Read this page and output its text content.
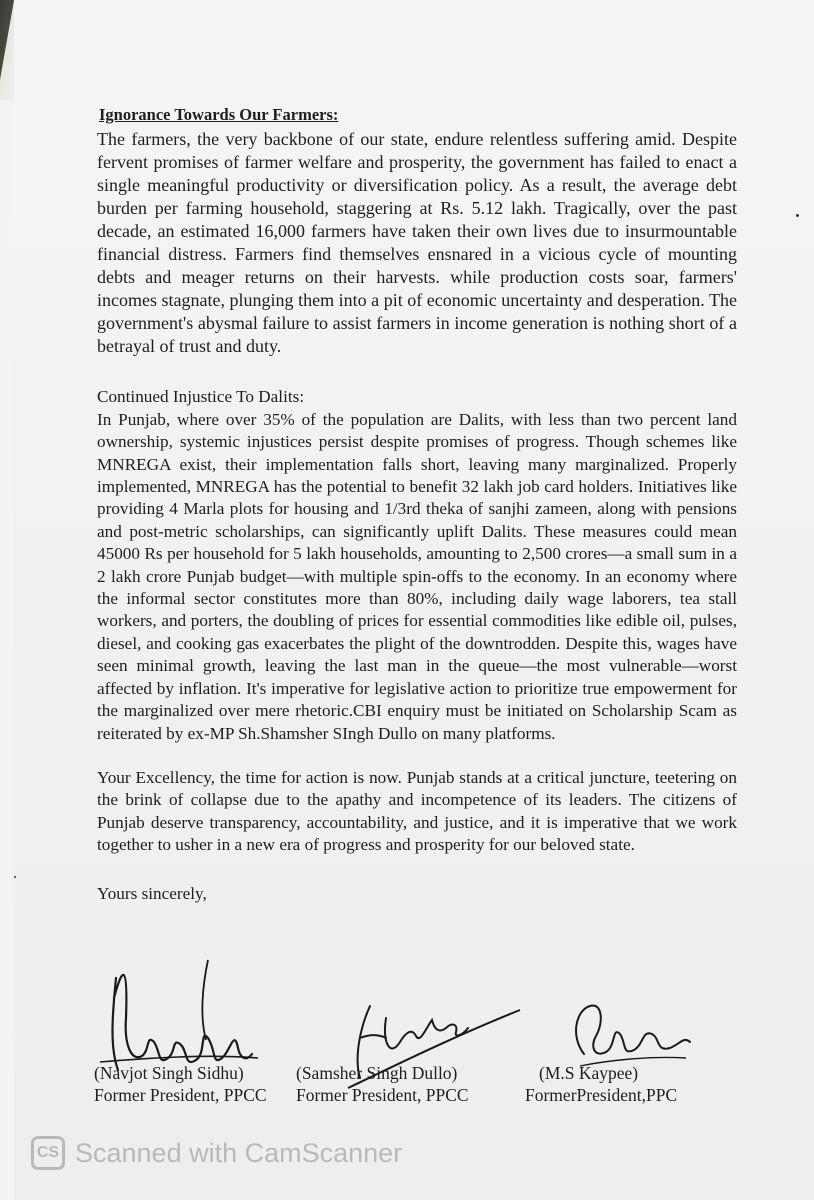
Ignorance Towards Our Farmers:

The farmers, the very backbone of our state, endure relentless suffering amid. Despite fervent promises of farmer welfare and prosperity, the government has failed to enact a single meaningful productivity or diversification policy. As a result, the average debt burden per farming household, staggering at Rs. 5.12 lakh. Tragically, over the past decade, an estimated 16,000 farmers have taken their own lives due to insurmountable financial distress. Farmers find themselves ensnared in a vicious cycle of mounting debts and meager returns on their harvests. while production costs soar, farmers' incomes stagnate, plunging them into a pit of economic uncertainty and desperation. The government's abysmal failure to assist farmers in income generation is nothing short of a betrayal of trust and duty.

Continued Injustice To Dalits:

In Punjab, where over 35% of the population are Dalits, with less than two percent land ownership, systemic injustices persist despite promises of progress. Though schemes like MNREGA exist, their implementation falls short, leaving many marginalized. Properly implemented, MNREGA has the potential to benefit 32 lakh job card holders. Initiatives like providing 4 Marla plots for housing and 1/3rd theka of sanjhi zameen, along with pensions and post-metric scholarships, can significantly uplift Dalits. These measures could mean 45000 Rs per household for 5 lakh households, amounting to 2,500 crores—a small sum in a 2 lakh crore Punjab budget—with multiple spin-offs to the economy. In an economy where the informal sector constitutes more than 80%, including daily wage laborers, tea stall workers, and porters, the doubling of prices for essential commodities like edible oil, pulses, diesel, and cooking gas exacerbates the plight of the downtrodden. Despite this, wages have seen minimal growth, leaving the last man in the queue—the most vulnerable—worst affected by inflation. It's imperative for legislative action to prioritize true empowerment for the marginalized over mere rhetoric.CBI enquiry must be initiated on Scholarship Scam as reiterated by ex-MP Sh.Shamsher SIngh Dullo on many platforms.

Your Excellency, the time for action is now. Punjab stands at a critical juncture, teetering on the brink of collapse due to the apathy and incompetence of its leaders. The citizens of Punjab deserve transparency, accountability, and justice, and it is imperative that we work together to usher in a new era of progress and prosperity for our beloved state.

Yours sincerely,
(Navjot Singh Sidhu)
Former President, PPCC
(Samsher Singh Dullo)
Former President, PPCC
(M.S Kaypee)
FormerPresident,PPC
CS Scanned with CamScanner
